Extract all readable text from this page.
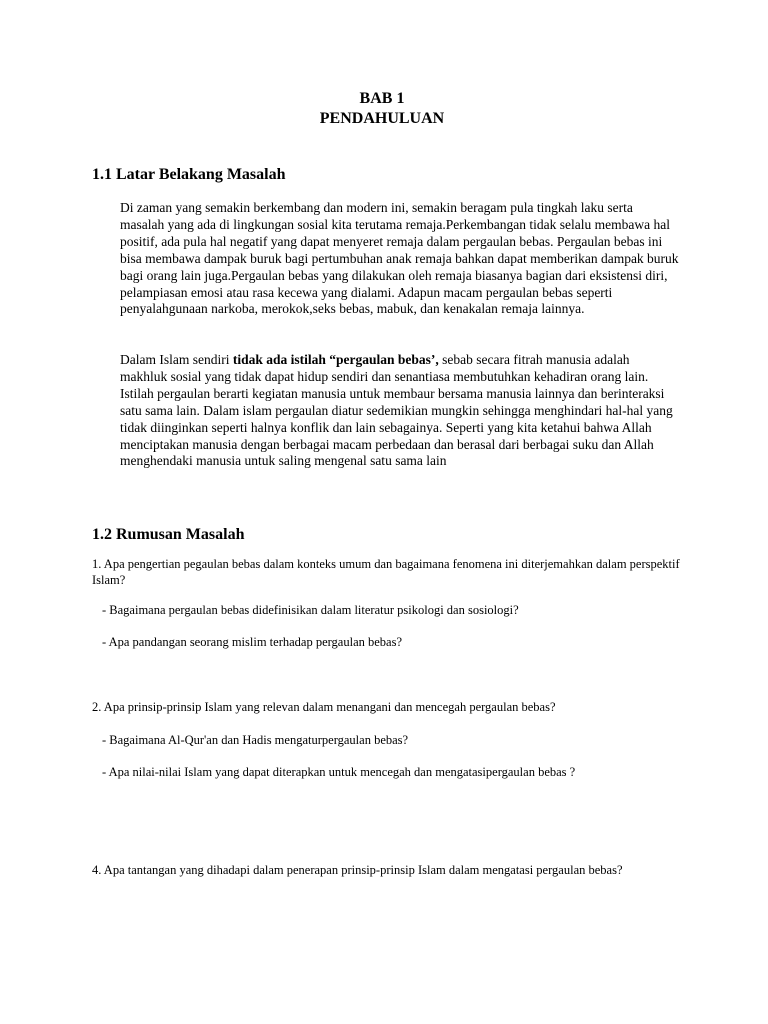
BAB 1
PENDAHULUAN
1.1 Latar Belakang Masalah

Di zaman yang semakin berkembang dan modern ini, semakin beragam pula tingkah laku serta masalah yang ada di lingkungan sosial kita terutama remaja.Perkembangan tidak selalu membawa hal positif, ada pula hal negatif yang dapat menyeret remaja dalam pergaulan bebas. Pergaulan bebas ini bisa membawa dampak buruk bagi pertumbuhan anak remaja bahkan dapat memberikan dampak buruk bagi orang lain juga.Pergaulan bebas yang dilakukan oleh remaja biasanya bagian dari eksistensi diri, pelampiasan emosi atau rasa kecewa yang dialami. Adapun macam pergaulan bebas seperti penyalahgunaan narkoba, merokok,seks bebas, mabuk, dan kenakalan remaja lainnya.

Dalam Islam sendiri tidak ada istilah “pergaulan bebas’, sebab secara fitrah manusia adalah makhluk sosial yang tidak dapat hidup sendiri dan senantiasa membutuhkan kehadiran orang lain. Istilah pergaulan berarti kegiatan manusia untuk membaur bersama manusia lainnya dan berinteraksi satu sama lain. Dalam islam pergaulan diatur sedemikian mungkin sehingga menghindari hal-hal yang tidak diinginkan seperti halnya konflik dan lain sebagainya. Seperti yang kita ketahui bahwa Allah menciptakan manusia dengan berbagai macam perbedaan dan berasal dari berbagai suku dan Allah menghendaki manusia untuk saling mengenal satu sama lain

1.2 Rumusan Masalah

1. Apa pengertian pegaulan bebas dalam konteks umum dan bagaimana fenomena ini diterjemahkan dalam perspektif Islam?

- Bagaimana pergaulan bebas didefinisikan dalam literatur psikologi dan sosiologi?

- Apa pandangan seorang mislim terhadap pergaulan bebas?

2. Apa prinsip-prinsip Islam yang relevan dalam menangani dan mencegah pergaulan bebas?

- Bagaimana Al-Qur'an dan Hadis mengaturpergaulan bebas?

- Apa nilai-nilai Islam yang dapat diterapkan untuk mencegah dan mengatasipergaulan bebas ?

4. Apa tantangan yang dihadapi dalam penerapan prinsip-prinsip Islam dalam mengatasi pergaulan bebas?
